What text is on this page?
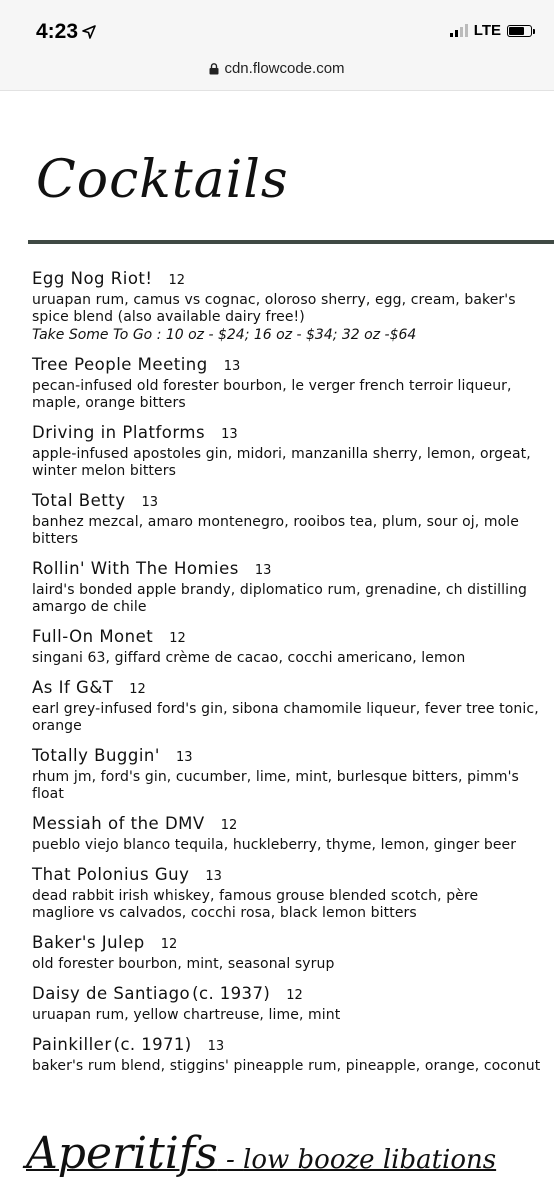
4:23	LTE
cdn.flowcode.com
Cocktails
Egg Nog Riot! 12
uruapan rum, camus vs cognac, oloroso sherry, egg, cream, baker's spice blend (also available dairy free!)
Take Some To Go : 10 oz - $24; 16 oz - $34; 32 oz -$64
Tree People Meeting 13
pecan-infused old forester bourbon, le verger french terroir liqueur, maple, orange bitters
Driving in Platforms 13
apple-infused apostoles gin, midori, manzanilla sherry, lemon, orgeat, winter melon bitters
Total Betty 13
banhez mezcal, amaro montenegro, rooibos tea, plum, sour oj, mole bitters
Rollin' With The Homies 13
laird's bonded apple brandy, diplomatico rum, grenadine, ch distilling amargo de chile
Full-On Monet 12
singani 63, giffard crème de cacao, cocchi americano, lemon
As If G&T 12
earl grey-infused ford's gin, sibona chamomile liqueur, fever tree tonic, orange
Totally Buggin' 13
rhum jm, ford's gin, cucumber, lime, mint, burlesque bitters, pimm's float
Messiah of the DMV 12
pueblo viejo blanco tequila, huckleberry, thyme, lemon, ginger beer
That Polonius Guy 13
dead rabbit irish whiskey, famous grouse blended scotch, père magliore vs calvados, cocchi rosa, black lemon bitters
Baker's Julep 12
old forester bourbon, mint, seasonal syrup
Daisy de Santiago (c. 1937) 12
uruapan rum, yellow chartreuse, lime, mint
Painkiller (c. 1971) 13
baker's rum blend, stiggins' pineapple rum, pineapple, orange, coconut
Aperitifs - low booze libations
